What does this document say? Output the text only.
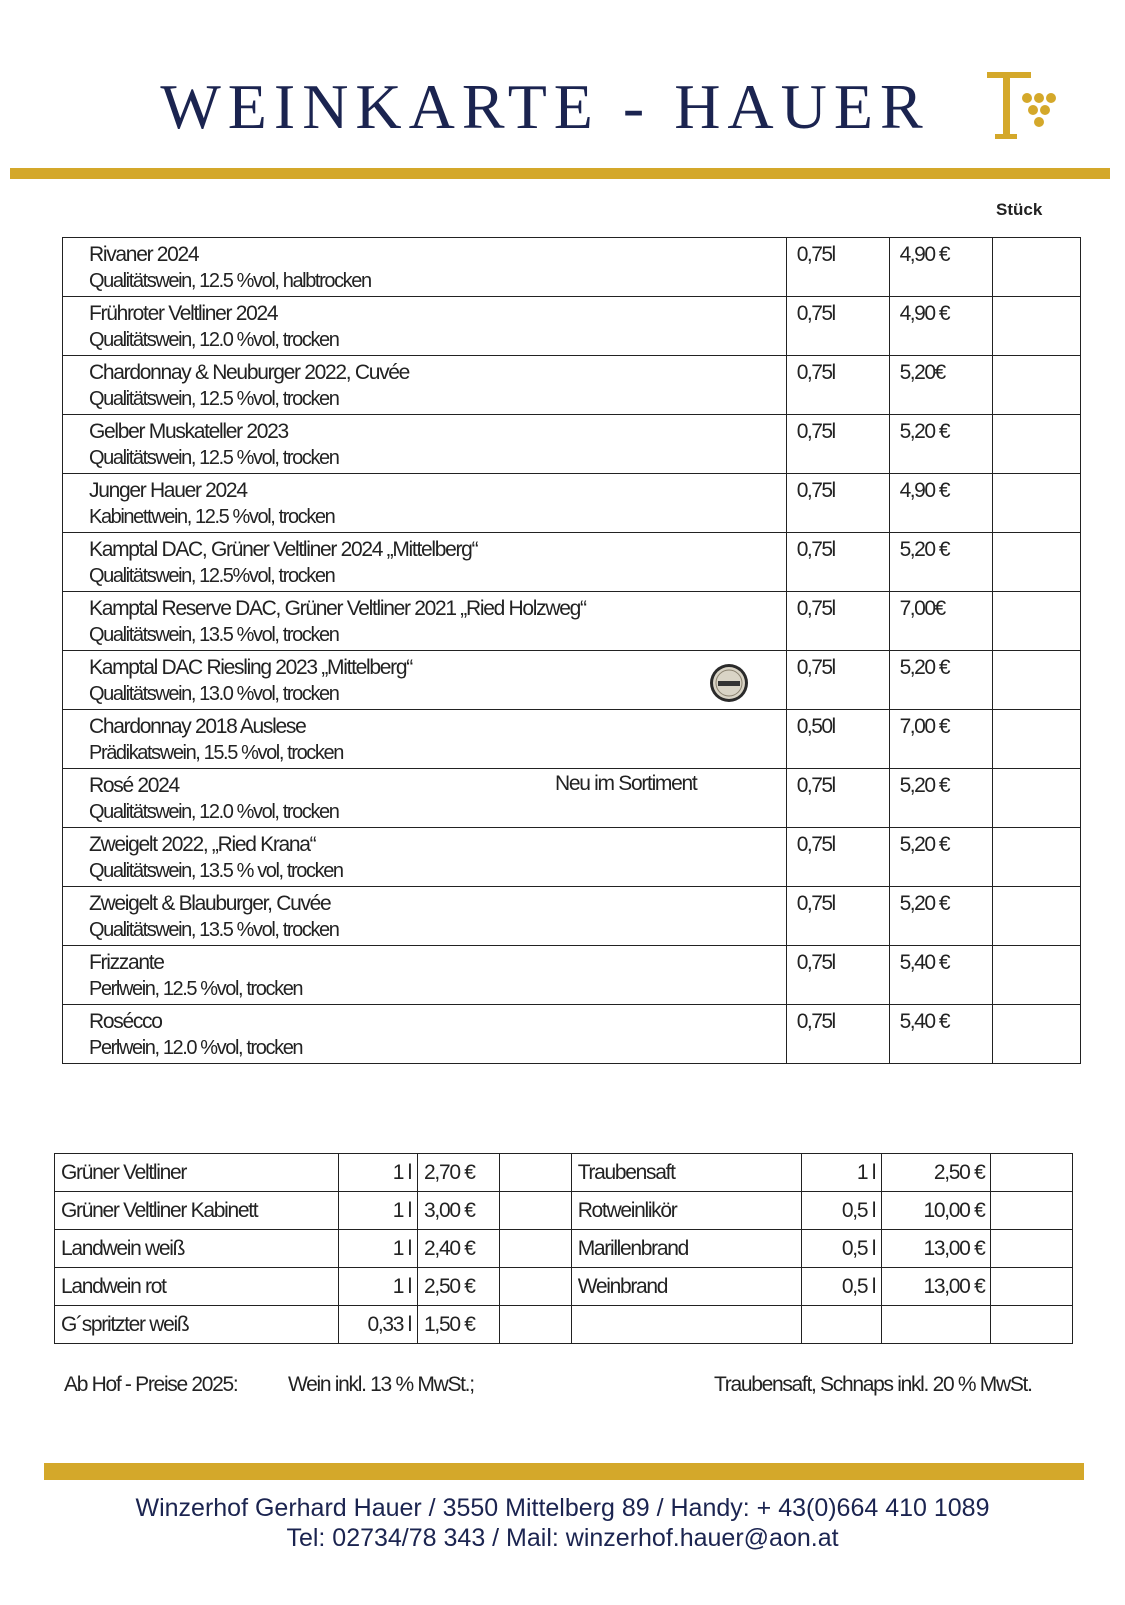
WEINKARTE - HAUER
Stück
Rivaner 2024
Qualitätswein, 12.5 %vol, halbtrocken	0,75l	4,90 €	

Frühroter Veltliner 2024
Qualitätswein, 12.0 %vol, trocken	0,75l	4,90 €	

Chardonnay & Neuburger 2022, Cuvée
Qualitätswein, 12.5 %vol, trocken	0,75l	5,20€	

Gelber Muskateller 2023
Qualitätswein, 12.5 %vol, trocken	0,75l	5,20 €	

Junger Hauer 2024
Kabinettwein, 12.5 %vol, trocken	0,75l	4,90 €	

Kamptal DAC, Grüner Veltliner 2024 „Mittelberg“
Qualitätswein, 12.5%vol, trocken	0,75l	5,20 €	

Kamptal Reserve DAC, Grüner Veltliner 2021 „Ried Holzweg“
Qualitätswein, 13.5 %vol, trocken	0,75l	7,00€	

Kamptal DAC Riesling 2023 „Mittelberg“
Qualitätswein, 13.0 %vol, trocken	0,75l	5,20 €	

Chardonnay 2018 Auslese
Prädikatswein, 15.5 %vol, trocken	0,50l	7,00 €	

Rosé 2024
Qualitätswein, 12.0 %vol, trocken
Neu im Sortiment	0,75l	5,20 €	

Zweigelt 2022, „Ried Krana“
Qualitätswein, 13.5 % vol, trocken	0,75l	5,20 €	

Zweigelt & Blauburger, Cuvée
Qualitätswein, 13.5 %vol, trocken	0,75l	5,20 €	

Frizzante
Perlwein, 12.5 %vol, trocken	0,75l	5,40 €	

Rosécco
Perlwein, 12.0 %vol, trocken	0,75l	5,40 €	

Grüner Veltliner	1 l	2,70 €		Traubensaft	1 l	2,50 €	
Grüner Veltliner Kabinett	1 l	3,00 €		Rotweinlikör	0,5 l	10,00 €	
Landwein weiß	1 l	2,40 €		Marillenbrand	0,5 l	13,00 €	
Landwein rot	1 l	2,50 €		Weinbrand	0,5 l	13,00 €	
G´spritzter weiß	0,33 l	1,50 €					
Ab Hof - Preise 2025: Wein inkl. 13 % MwSt.;	Traubensaft, Schnaps inkl. 20 % MwSt.
Winzerhof Gerhard Hauer / 3550 Mittelberg 89 / Handy: + 43(0)664 410 1089
Tel: 02734/78 343 / Mail: winzerhof.hauer@aon.at
